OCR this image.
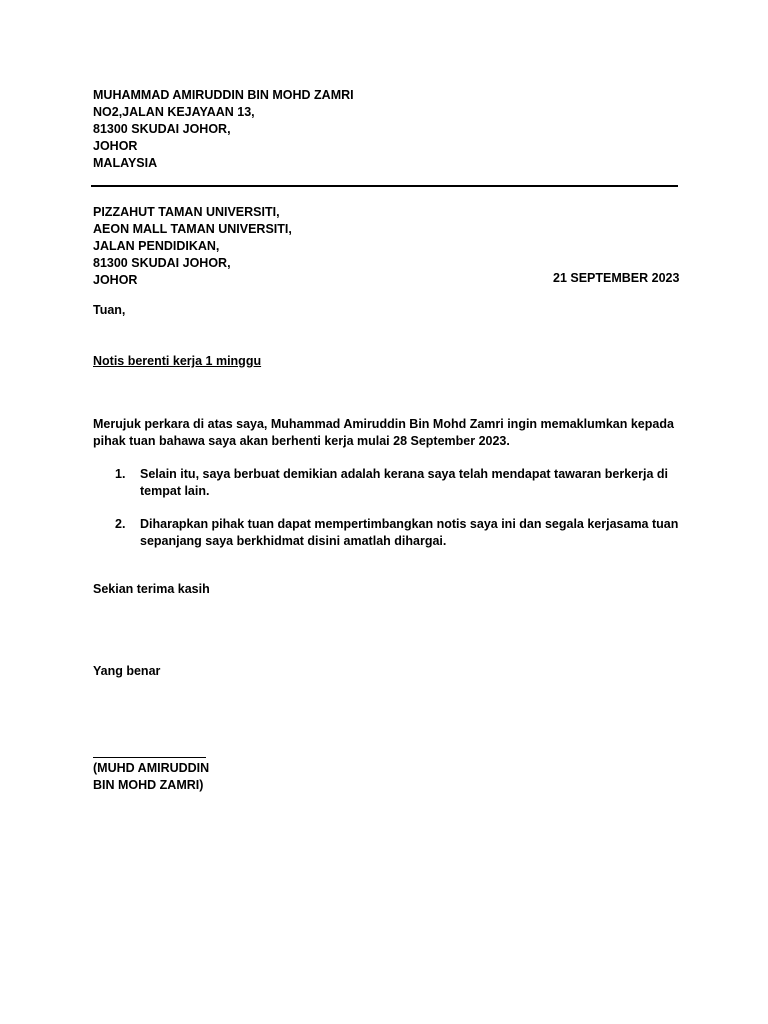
MUHAMMAD AMIRUDDIN BIN MOHD ZAMRI
NO2,JALAN KEJAYAAN 13,
81300 SKUDAI JOHOR,
JOHOR
MALAYSIA
PIZZAHUT TAMAN UNIVERSITI,
AEON MALL TAMAN UNIVERSITI,
JALAN PENDIDIKAN,
81300 SKUDAI JOHOR,
JOHOR	21 SEPTEMBER 2023
Tuan,
Notis berenti kerja 1 minggu
Merujuk perkara di atas saya, Muhammad Amiruddin Bin Mohd Zamri ingin memaklumkan kepada pihak tuan bahawa saya akan berhenti kerja mulai 28 September 2023.
1. Selain itu, saya berbuat demikian adalah kerana saya telah mendapat tawaran berkerja di tempat lain.
2. Diharapkan pihak tuan dapat mempertimbangkan notis saya ini dan segala kerjasama tuan sepanjang saya berkhidmat disini amatlah dihargai.
Sekian terima kasih
Yang benar
(MUHD AMIRUDDIN
BIN MOHD ZAMRI)
